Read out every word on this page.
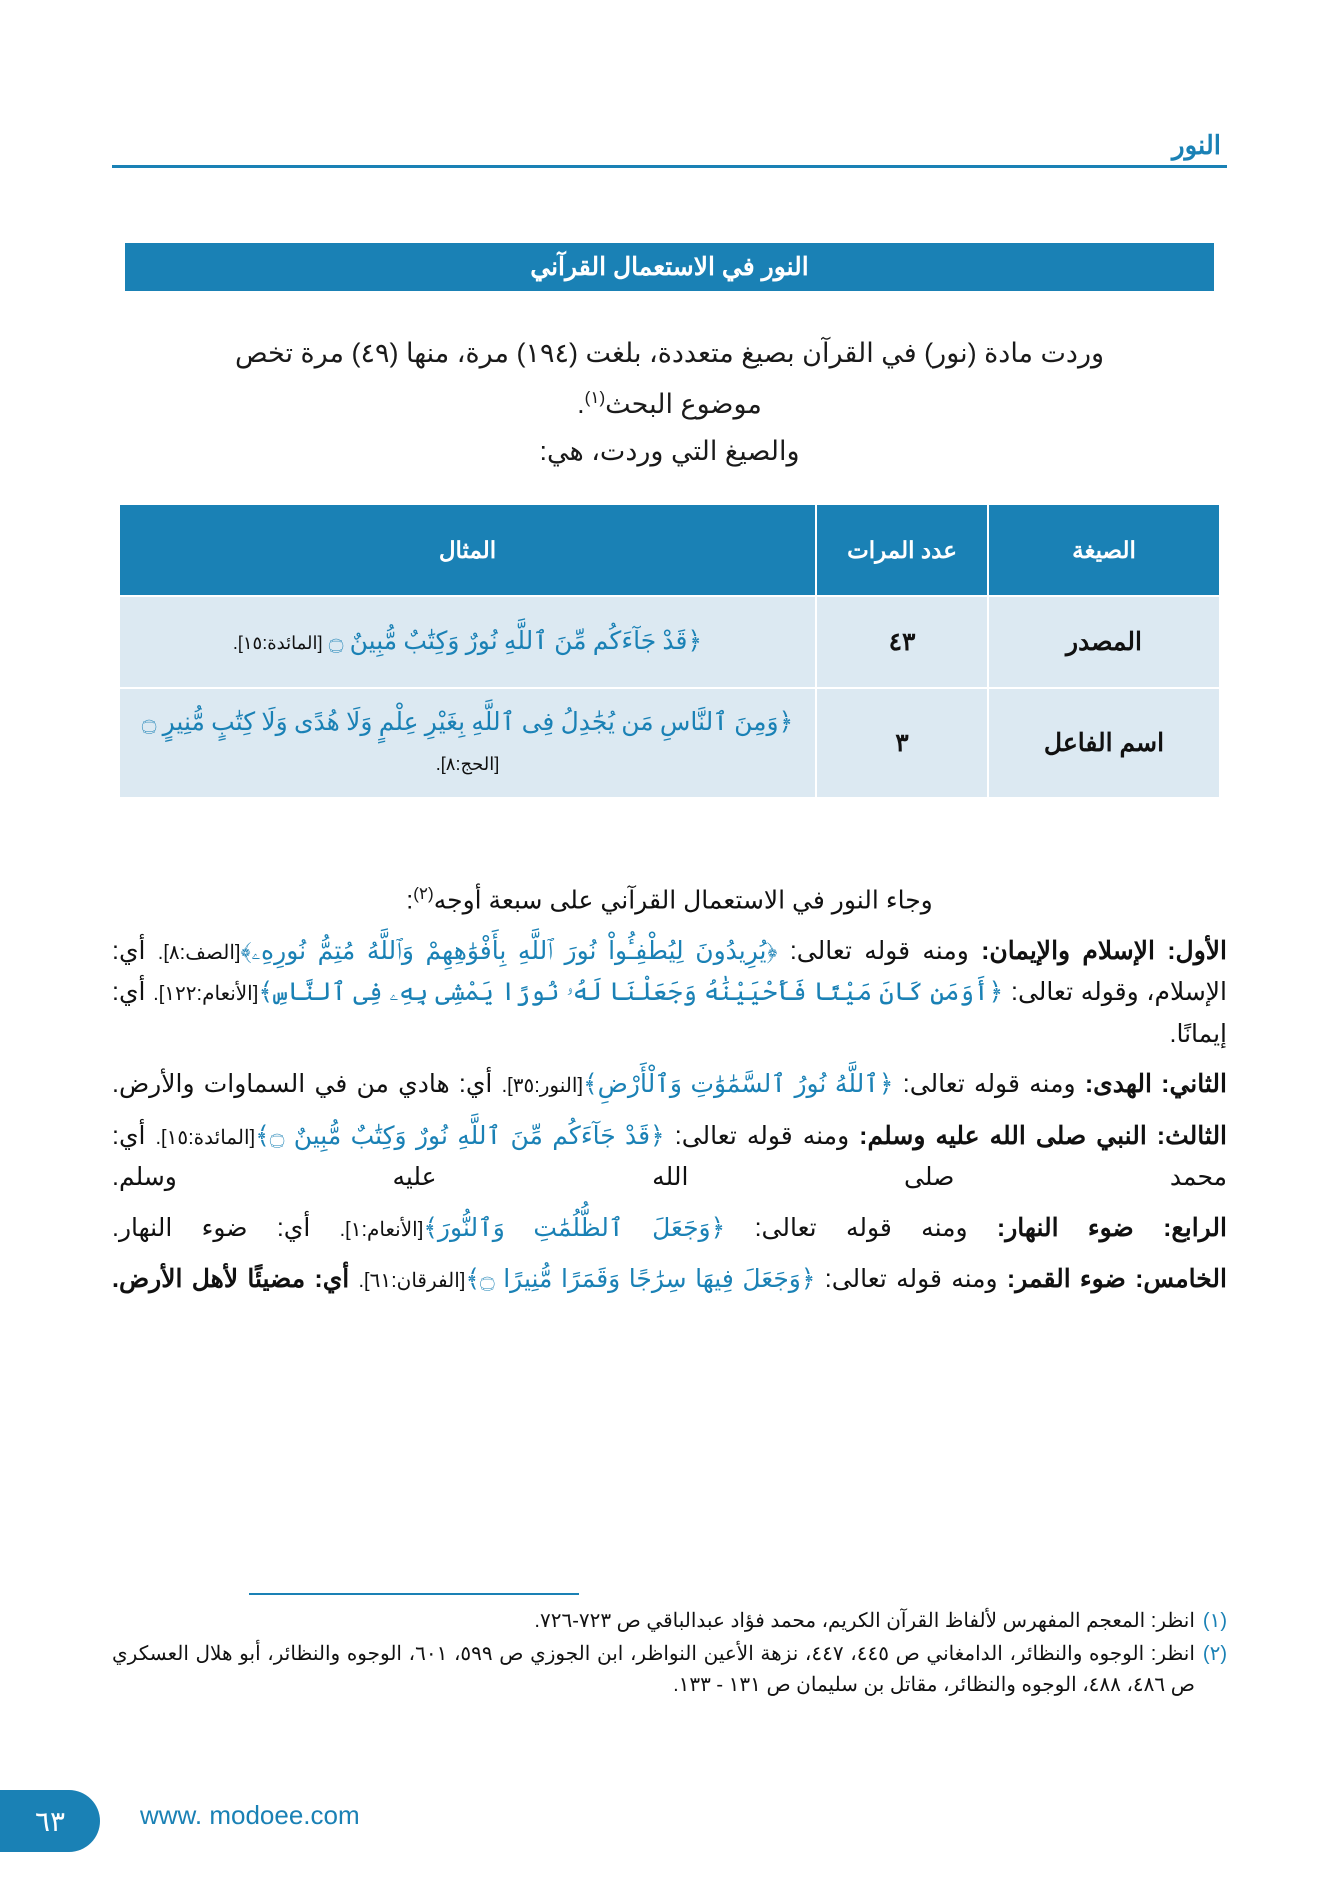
النور
النور في الاستعمال القرآني

وردت مادة (نور) في القرآن بصيغ متعددة، بلغت (١٩٤) مرة، منها (٤٩) مرة تخص

موضوع البحث$^{(١)}$.

والصيغ التي وردت، هي:
الصيغة	عدد المرات	المثال
المصدر	٤٣	﴿قَدْ جَآءَكُم مِّنَ ٱللَّهِ نُورٌ وَكِتَٰبٌ مُّبِينٌ ۝ [المائدة:١٥].
اسم الفاعل	٣	﴿وَمِنَ ٱلنَّاسِ مَن يُجَٰدِلُ فِى ٱللَّهِ بِغَيْرِ عِلْمٍ وَلَا هُدًى وَلَا كِتَٰبٍ مُّنِيرٍ ۝ [الحج:٨].

وجاء النور في الاستعمال القرآني على سبعة أوجه$^{(٢)}$:

الأول: الإسلام والإيمان: ومنه قوله تعالى: ﴿يُرِيدُونَ لِيُطْفِـُٔواْ نُورَ ٱللَّهِ بِأَفْوَٰهِهِمْ وَٱللَّهُ مُتِمُّ نُورِهِۦ﴾[الصف:٨]. أي: الإسلام، وقوله تعالى: ﴿أَوَمَن كَانَ مَيْتًا فَأَحْيَيْنَٰهُ وَجَعَلْنَا لَهُۥ نُورًا يَمْشِى بِهِۦ فِى ٱلنَّاسِ﴾[الأنعام:١٢٢]. أي: إيمانًا.

الثاني: الهدى: ومنه قوله تعالى: ﴿ٱللَّهُ نُورُ ٱلسَّمَٰوَٰتِ وَٱلْأَرْضِ﴾[النور:٣٥]. أي: هادي من في السماوات والأرض.

الثالث: النبي صلى الله عليه وسلم: ومنه قوله تعالى: ﴿قَدْ جَآءَكُم مِّنَ ٱللَّهِ نُورٌ وَكِتَٰبٌ مُّبِينٌ ۝﴾[المائدة:١٥]. أي: محمد صلى الله عليه وسلم.

الرابع: ضوء النهار: ومنه قوله تعالى: ﴿وَجَعَلَ ٱلظُّلُمَٰتِ وَٱلنُّورَ﴾[الأنعام:١]. أي: ضوء النهار.

الخامس: ضوء القمر: ومنه قوله تعالى: ﴿وَجَعَلَ فِيهَا سِرَٰجًا وَقَمَرًا مُّنِيرًا ۝﴾[الفرقان:٦١]. أي: مضيئًا لأهل الأرض.

(١)
انظر: المعجم المفهرس لألفاظ القرآن الكريم، محمد فؤاد عبدالباقي ص ٧٢٣-٧٢٦.
(٢)
انظر: الوجوه والنظائر، الدامغاني ص ٤٤٥، ٤٤٧، نزهة الأعين النواظر، ابن الجوزي ص ٥٩٩، ٦٠١، الوجوه والنظائر، أبو هلال العسكري ص ٤٨٦، ٤٨٨، الوجوه والنظائر، مقاتل بن سليمان ص ١٣١ - ١٣٣.
٦٣	www. modoee.com
